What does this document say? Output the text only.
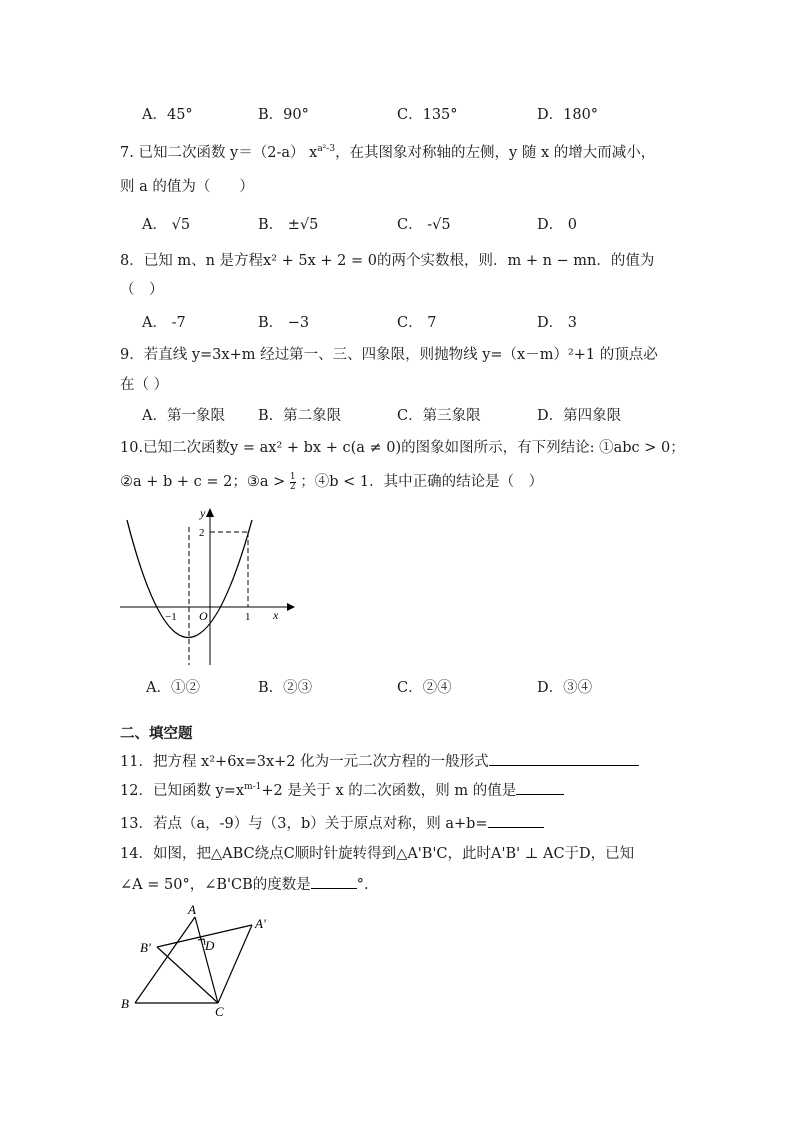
A．45°	B．90°	C．135°	D．180°
7. 已知二次函数 y＝（2-a） $x^{a^2-3}$，在其图象对称轴的左侧，y 随 x 的增大而减小，
则 a 的值为（　　）
A． √5	B． ±√5	C． -√5	D． 0
8．已知 m、n 是方程x² + 5x + 2 = 0的两个实数根，则．m + n − mn．的值为
（　）
A． -7	B． −3	C． 7	D． 3
9．若直线 y=3x+m 经过第一、三、四象限，则抛物线 y=（x－m）²+1 的顶点必
在（ ）
A．第一象限 B．第二象限	C．第三象限	D．第四象限
10.已知二次函数y = ax² + bx + c(a ≠ 0)的图象如图所示，有下列结论: ①abc > 0；
②a + b + c = 2；③a > $\frac{1}{2}$ ；④b < 1．其中正确的结论是（　）
y
x
O
−1	1
2
A．①②	B．②③	C．②④	D．③④
二、填空题
11．把方程 x²+6x=3x+2 化为一元二次方程的一般形式
12．已知函数 $y=x^{m-1}+2$ 是关于 x 的二次函数，则 m 的值是
13．若点（a，-9）与（3，b）关于原点对称，则 a+b=
14．如图，把△ABC绕点C顺时针旋转得到△A'B'C，此时A'B' ⊥ AC于D，已知
∠A = 50°，∠B'CB的度数是	°.
A
A'
B'	D
B
C
